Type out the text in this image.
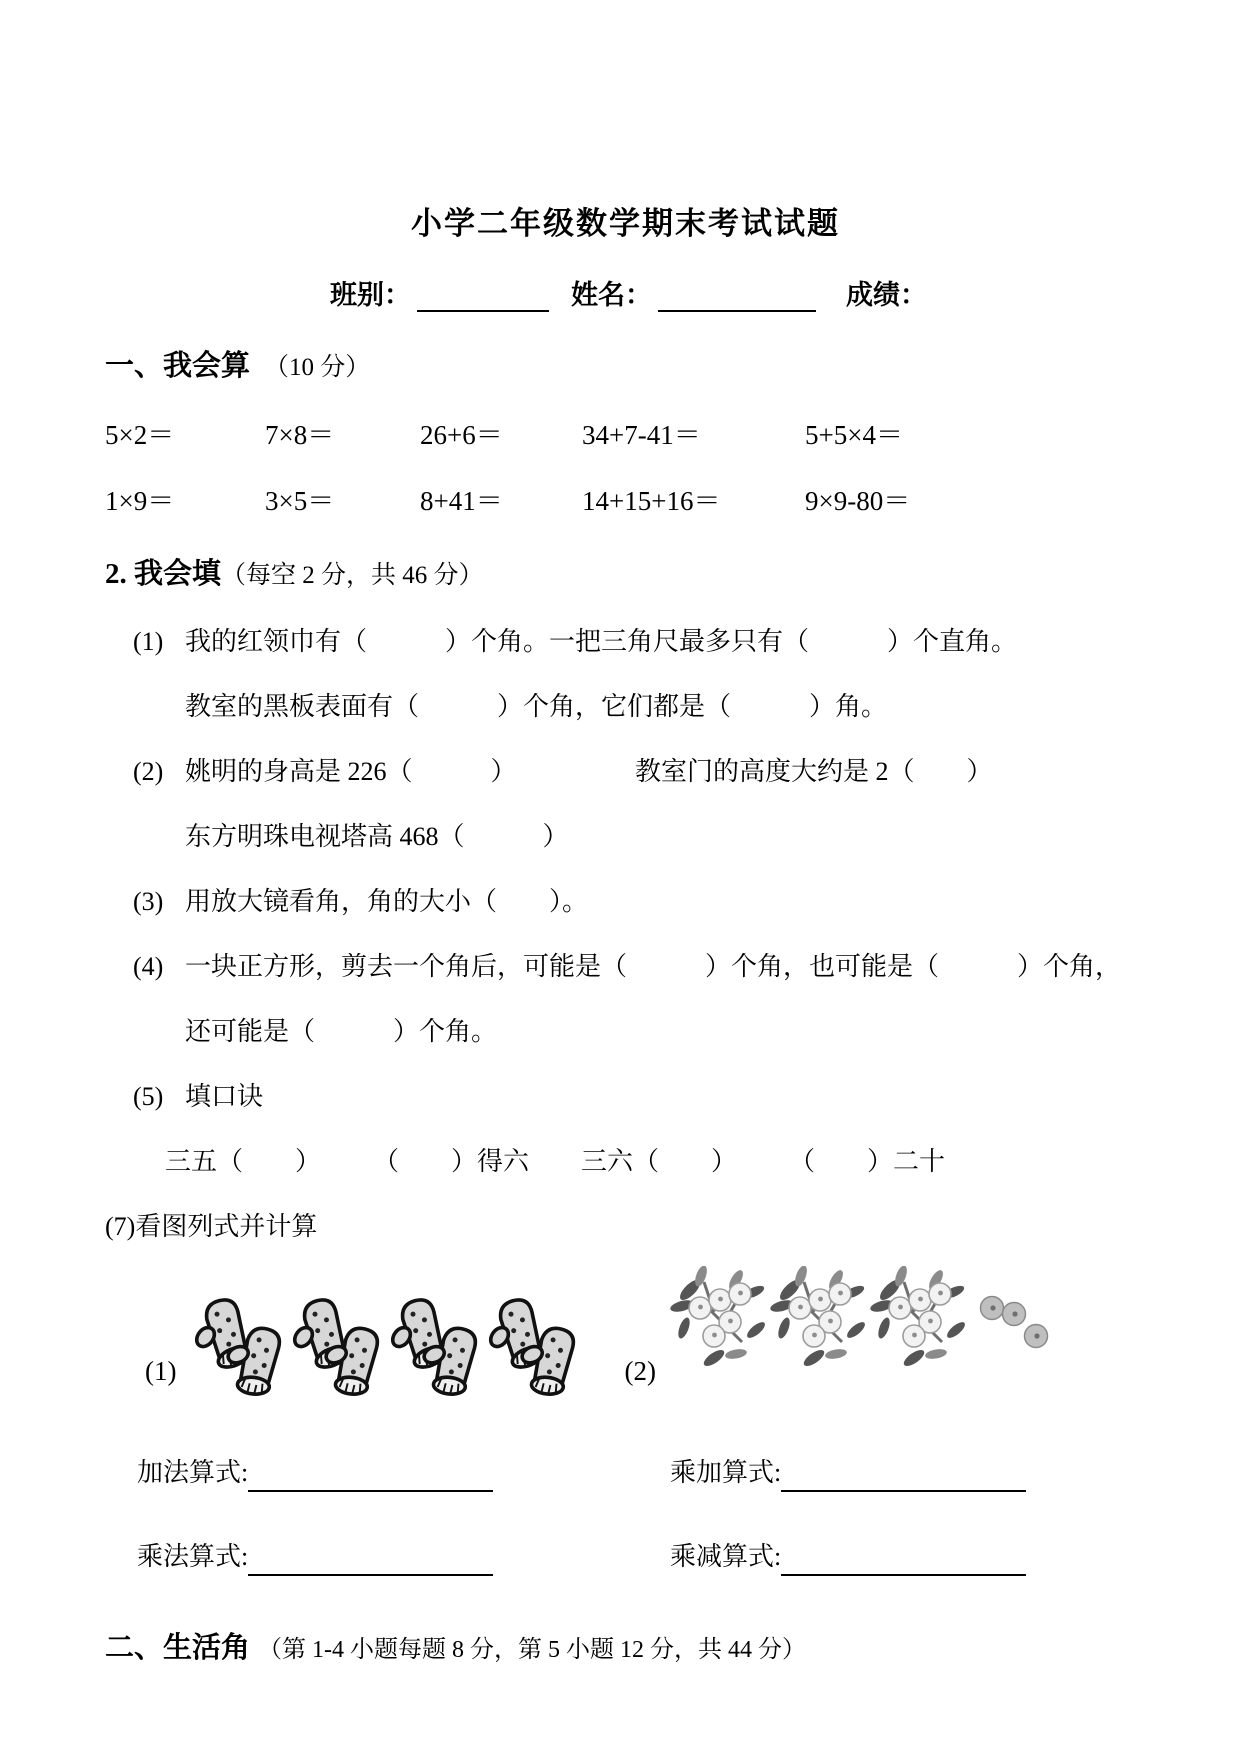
小学二年级数学期末考试试题
班别：	姓名：	成绩：
一、我会算 （10 分）
5×2＝	7×8＝	26+6＝	34+7-41＝	5+5×4＝
1×9＝	3×5＝	8+41＝	14+15+16＝	9×9-80＝
2. 我会填（每空 2 分，共 46 分）
(1) 我的红领巾有（　　　）个角。一把三角尺最多只有（　　　）个直角。
教室的黑板表面有（　　　）个角，它们都是（　　　）角。
(2) 姚明的身高是 226（　　　）	教室门的高度大约是 2（　　）
东方明珠电视塔高 468（　　　）
(3) 用放大镜看角，角的大小（　　）。
(4) 一块正方形，剪去一个角后，可能是（　　　）个角，也可能是（　　　）个角，
还可能是（　　　）个角。
(5) 填口诀
三五（　　） （　　）得六 三六（　　） （　　）二十
(7)看图列式并计算
(1)	(2)
加法算式:	乘加算式:
乘法算式:	乘减算式:
二、生活角 （第 1-4 小题每题 8 分，第 5 小题 12 分，共 44 分）
